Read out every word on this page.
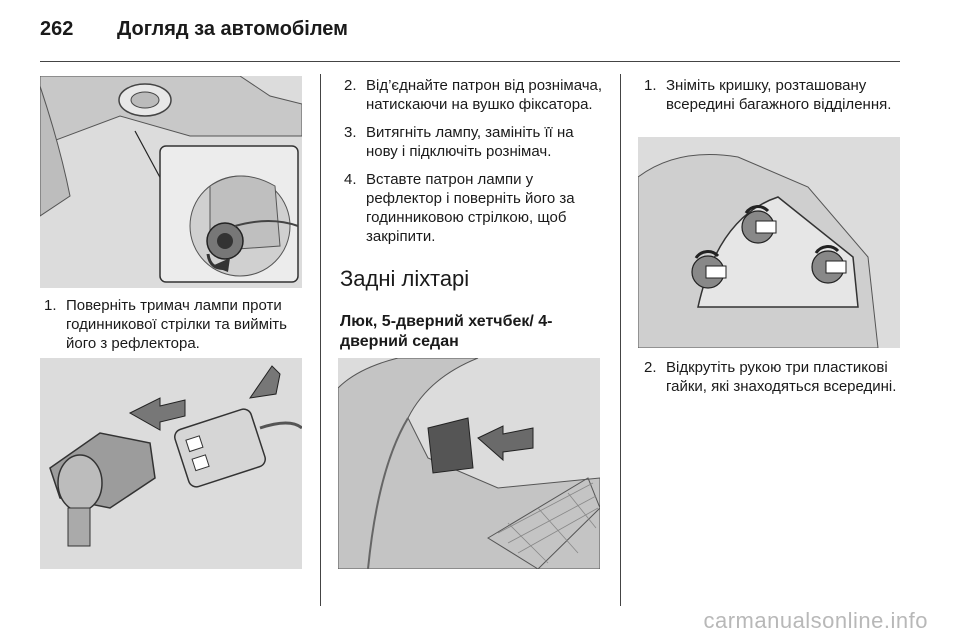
262 Догляд за автомобілем
1. Поверніть тримач лампи проти годинникової стрілки та вийміть його з рефлектора.
2. Від’єднайте патрон від рознімача, натискаючи на вушко фіксатора.
3. Витягніть лампу, замініть її на нову і підключіть рознімач.
4. Вставте патрон лампи у рефлектор і поверніть його за годинниковою стрілкою, щоб закріпити.
Задні ліхтарі
Люк, 5-дверний хетчбек/ 4-дверний седан
1. Зніміть кришку, розташовану всередині багажного відділення.
2. Відкрутіть рукою три пластикові гайки, які знаходяться всередині.
carmanualsonline.info
